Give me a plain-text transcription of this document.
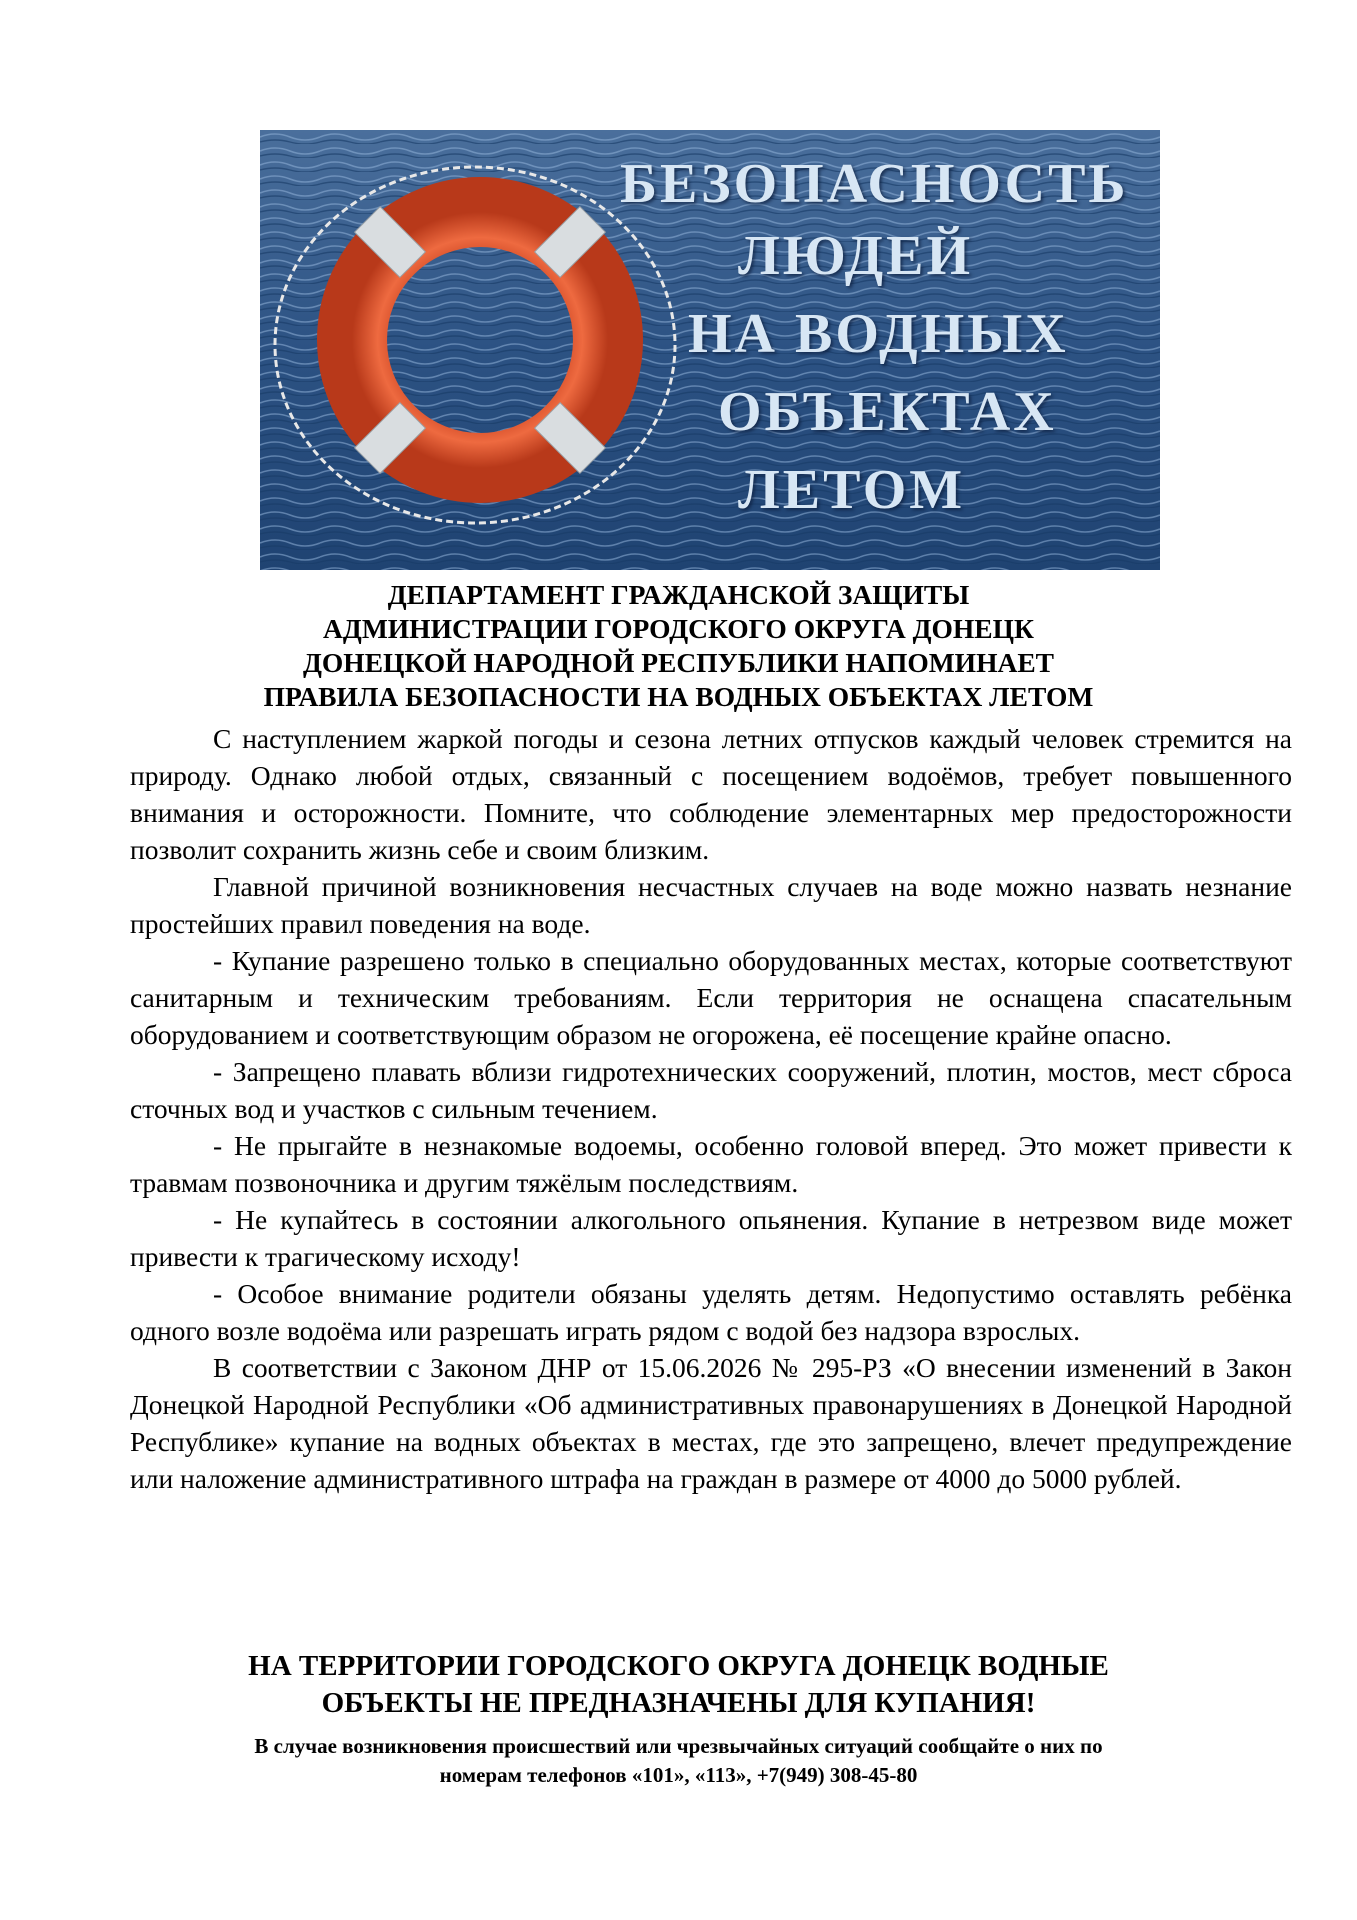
БЕЗОПАСНОСТЬ
ЛЮДЕЙ
НА ВОДНЫХ
ОБЪЕКТАХ
ЛЕТОМ
ДЕПАРТАМЕНТ ГРАЖДАНСКОЙ ЗАЩИТЫ
АДМИНИСТРАЦИИ ГОРОДСКОГО ОКРУГА ДОНЕЦК
ДОНЕЦКОЙ НАРОДНОЙ РЕСПУБЛИКИ НАПОМИНАЕТ
ПРАВИЛА БЕЗОПАСНОСТИ НА ВОДНЫХ ОБЪЕКТАХ ЛЕТОМ

С наступлением жаркой погоды и сезона летних отпусков каждый человек стремится на природу. Однако любой отдых, связанный с посещением водоёмов, требует повышенного внимания и осторожности. Помните, что соблюдение элементарных мер предосторожности позволит сохранить жизнь себе и своим близким.

Главной причиной возникновения несчастных случаев на воде можно назвать незнание простейших правил поведения на воде.

- Купание разрешено только в специально оборудованных местах, которые соответствуют санитарным и техническим требованиям. Если территория не оснащена спасательным оборудованием и соответствующим образом не огорожена, её посещение крайне опасно.

- Запрещено плавать вблизи гидротехнических сооружений, плотин, мостов, мест сброса сточных вод и участков с сильным течением.

- Не прыгайте в незнакомые водоемы, особенно головой вперед. Это может привести к травмам позвоночника и другим тяжёлым последствиям.

- Не купайтесь в состоянии алкогольного опьянения. Купание в нетрезвом виде может привести к трагическому исходу!

- Особое внимание родители обязаны уделять детям. Недопустимо оставлять ребёнка одного возле водоёма или разрешать играть рядом с водой без надзора взрослых.

В соответствии с Законом ДНР от 15.06.2026 № 295-РЗ «О внесении изменений в Закон Донецкой Народной Республики «Об административных правонарушениях в Донецкой Народной Республике» купание на водных объектах в местах, где это запрещено, влечет предупреждение или наложение административного штрафа на граждан в размере от 4000 до 5000 рублей.

НА ТЕРРИТОРИИ ГОРОДСКОГО ОКРУГА ДОНЕЦК ВОДНЫЕ
ОБЪЕКТЫ НЕ ПРЕДНАЗНАЧЕНЫ ДЛЯ КУПАНИЯ!

В случае возникновения происшествий или чрезвычайных ситуаций сообщайте о них по
номерам телефонов «101», «113», +7(949) 308-45-80
